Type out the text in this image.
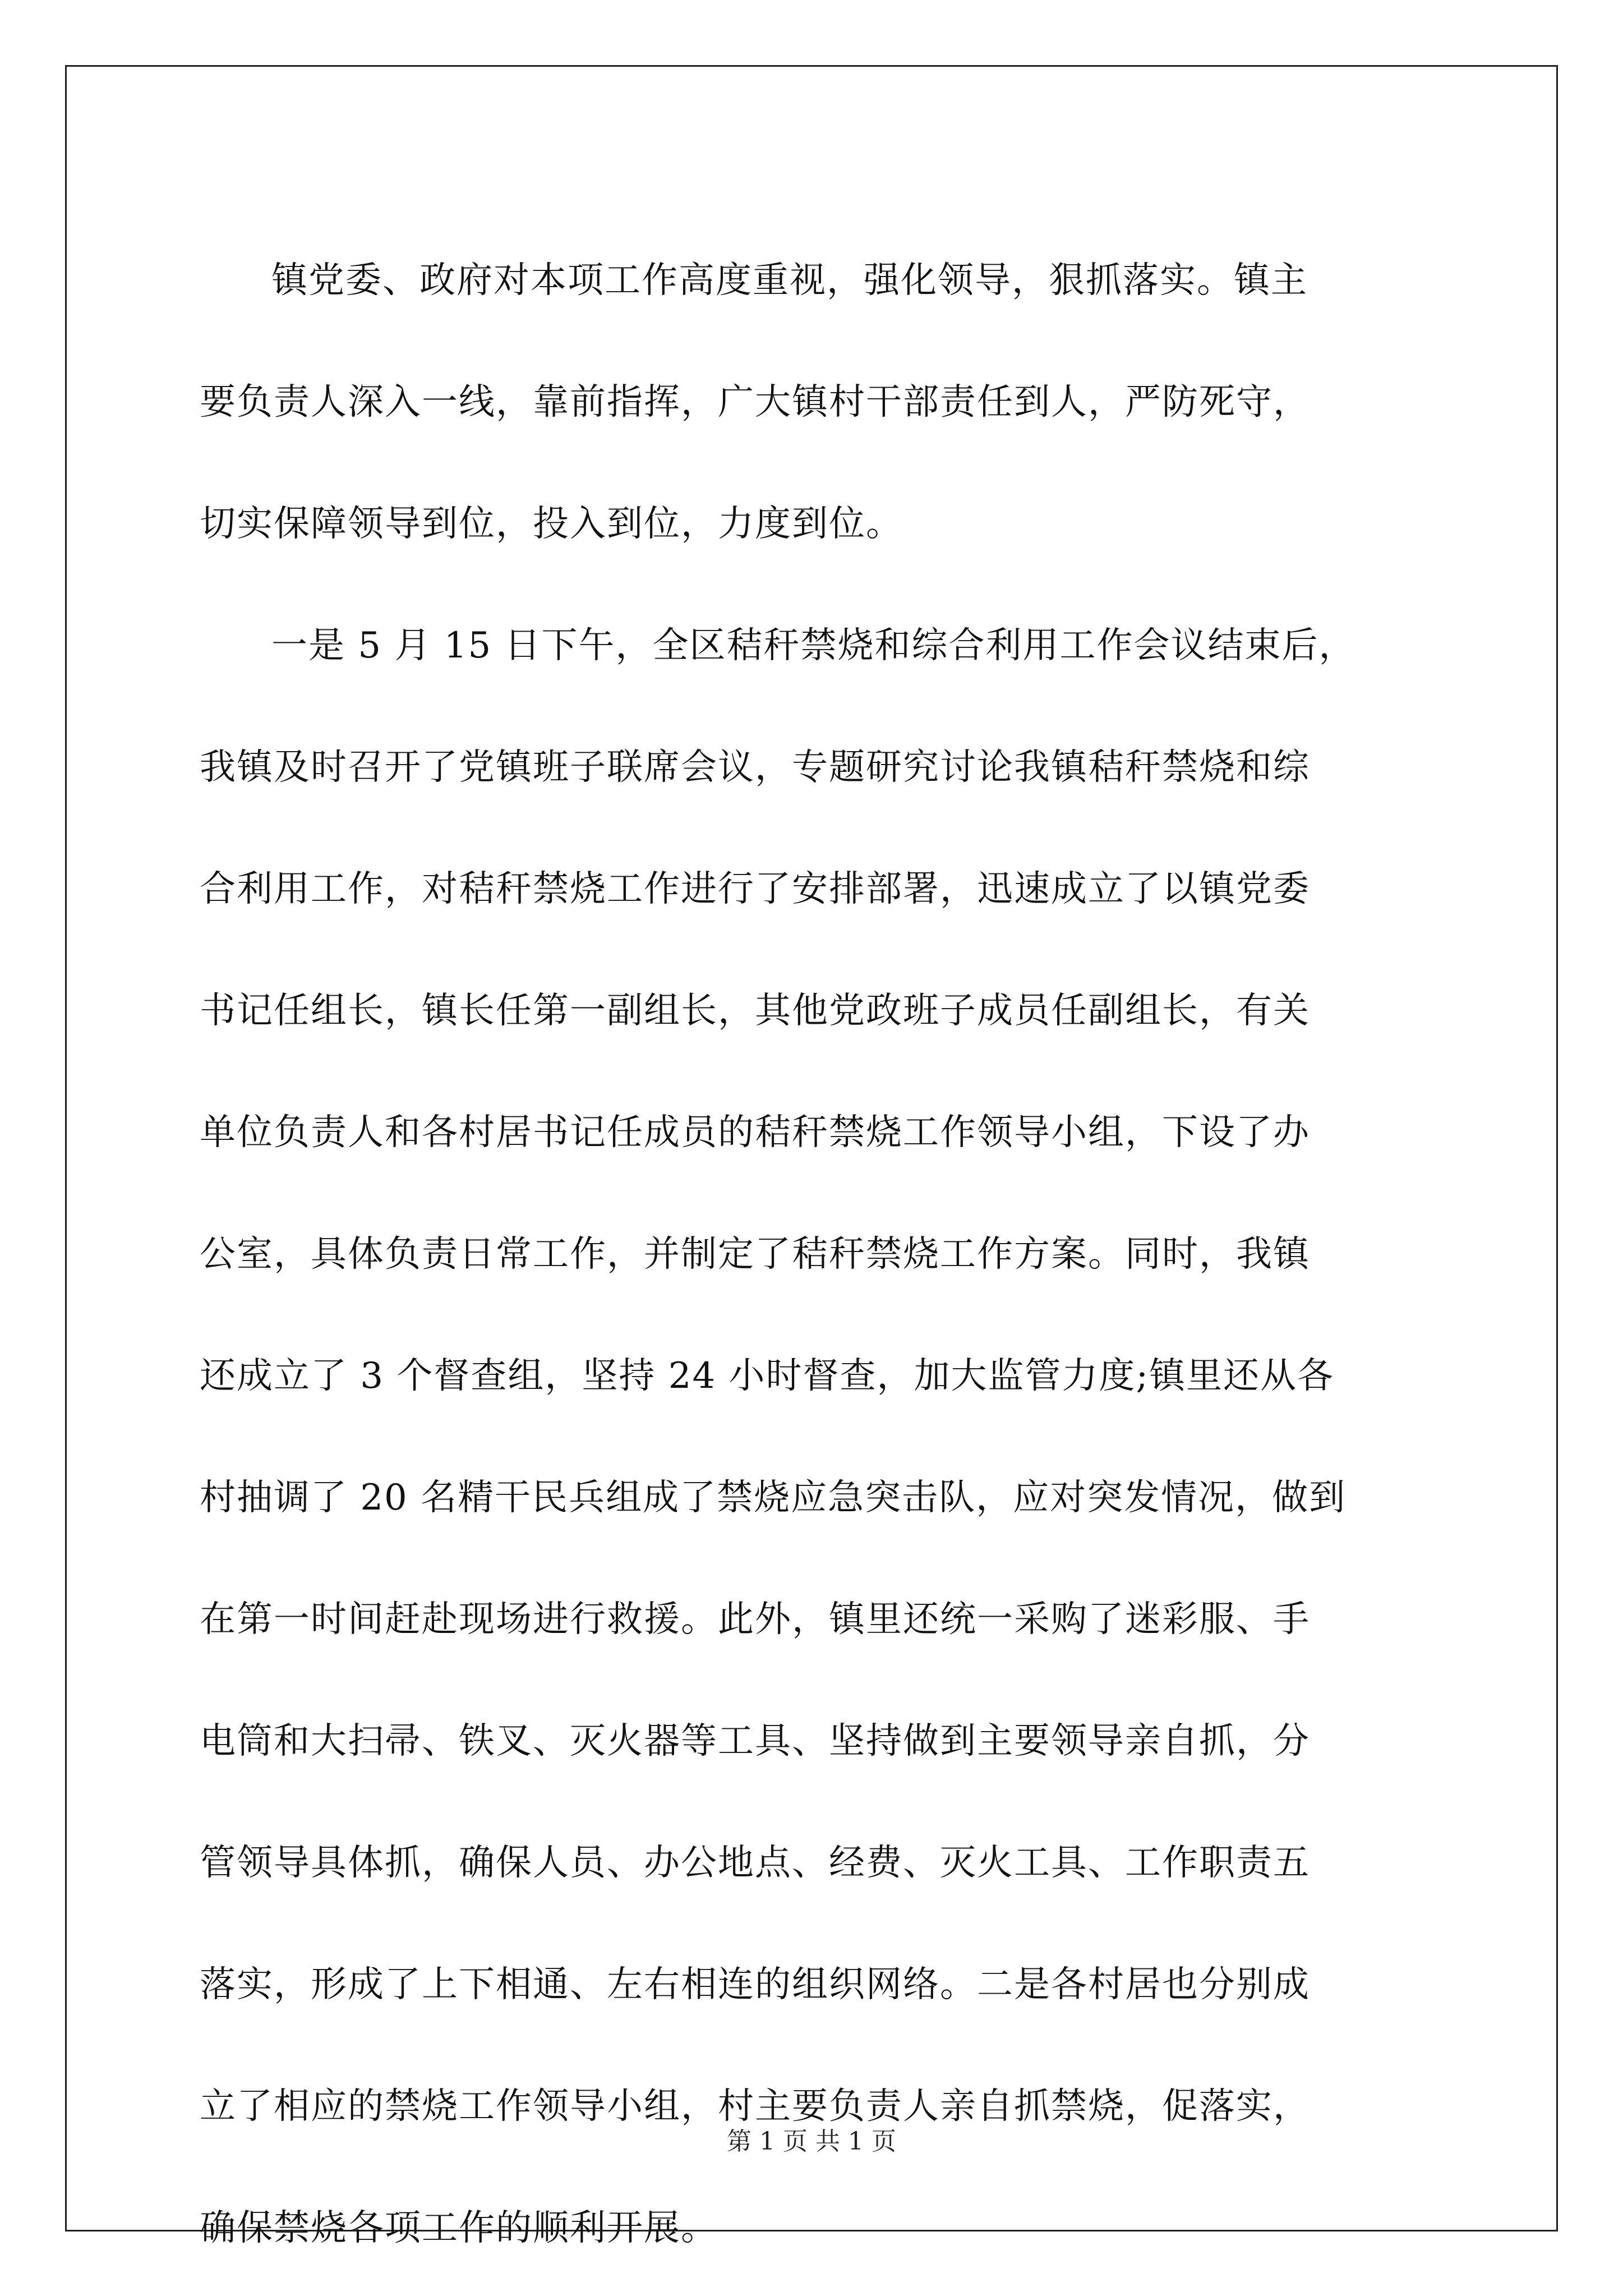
镇党委、政府对本项工作高度重视，强化领导，狠抓落实。镇主
要负责人深入一线，靠前指挥，广大镇村干部责任到人，严防死守，
切实保障领导到位，投入到位，力度到位。

一是 5 月 15 日下午，全区秸秆禁烧和综合利用工作会议结束后，
我镇及时召开了党镇班子联席会议，专题研究讨论我镇秸秆禁烧和综
合利用工作，对秸秆禁烧工作进行了安排部署，迅速成立了以镇党委
书记任组长，镇长任第一副组长，其他党政班子成员任副组长，有关
单位负责人和各村居书记任成员的秸秆禁烧工作领导小组，下设了办
公室，具体负责日常工作，并制定了秸秆禁烧工作方案。同时，我镇
还成立了 3 个督查组，坚持 24 小时督查，加大监管力度;镇里还从各
村抽调了 20 名精干民兵组成了禁烧应急突击队，应对突发情况，做到
在第一时间赶赴现场进行救援。此外，镇里还统一采购了迷彩服、手
电筒和大扫帚、铁叉、灭火器等工具、坚持做到主要领导亲自抓，分
管领导具体抓，确保人员、办公地点、经费、灭火工具、工作职责五
落实，形成了上下相通、左右相连的组织网络。二是各村居也分别成
立了相应的禁烧工作领导小组，村主要负责人亲自抓禁烧，促落实，
确保禁烧各项工作的顺利开展。

第 1 页 共 1 页
